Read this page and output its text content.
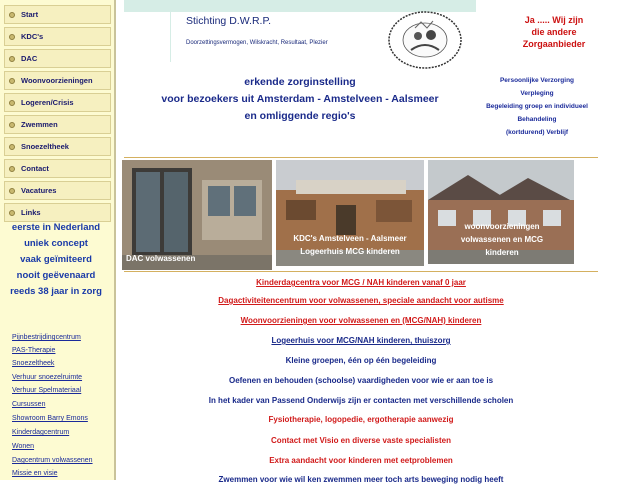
Start
KDC's
DAC
Woonvoorzieningen
Logeren/Crisis
Zwemmen
Snoezeltheek
Contact
Vacatures
Links
eerste in Nederland
uniek concept
vaak geïmiteerd
nooit geëvenaard
reeds 38 jaar in zorg
Pijnbestrijdingcentrum
PAS-Therapie
Snoezeltheek
Verhuur snoezelruimte
Verhuur Spelmateriaal
Cursussen
Showroom Barry Emons
Kinderdagcentrum
Wonen
Dagcentrum volwassenen
Missie en visie
Stichting D.W.R.P.
Doorzettingsvermogen, Wilskracht, Resultaat, Plezier
Ja ..... Wij zijn
die andere
Zorgaanbieder
erkende zorginstelling
voor bezoekers uit Amsterdam - Amstelveen - Aalsmeer
en omliggende regio's
Persoonlijke Verzorging
Verpleging
Begeleiding groep en individueel
Behandeling
(kortdurend) Verblijf
DAC volwassenen
KDC's Amstelveen - Aalsmeer
Logeerhuis MCG kinderen
woonvoorzieningen
volwassenen en MCG
kinderen
Kinderdagcentra voor MCG / NAH kinderen vanaf 0 jaar
Dagactiviteitencentrum voor volwassenen, speciale aandacht voor autisme
Woonvoorzieningen voor volwassenen en (MCG/NAH) kinderen
Logeerhuis voor MCG/NAH kinderen, thuiszorg
Kleine groepen, één op één begeleiding
Oefenen en behouden (schoolse) vaardigheden voor wie er aan toe is
In het kader van Passend Onderwijs zijn er contacten met verschillende scholen
Fysiotherapie, logopedie, ergotherapie aanwezig
Contact met Visio en diverse vaste specialisten
Extra aandacht voor kinderen met eetproblemen
Zwemmen voor wie wil ken zwemmen meer toch arts beweging nodig heeft
